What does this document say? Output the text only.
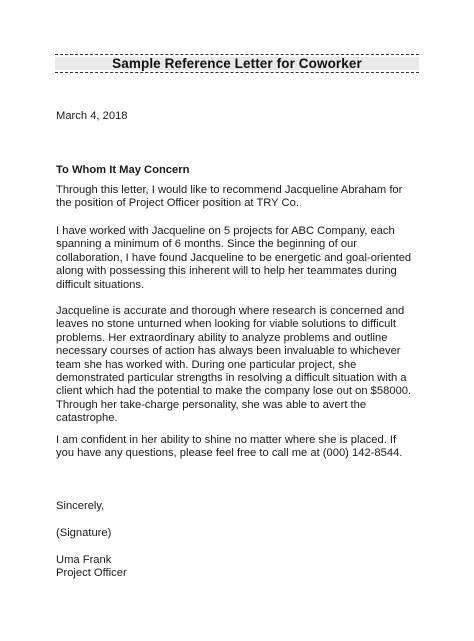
Sample Reference Letter for Coworker

March 4, 2018

To Whom It May Concern

Through this letter, I would like to recommend Jacqueline Abraham for
the position of Project Officer position at TRY Co.

I have worked with Jacqueline on 5 projects for ABC Company, each
spanning a minimum of 6 months. Since the beginning of our
collaboration, I have found Jacqueline to be energetic and goal-oriented
along with possessing this inherent will to help her teammates during
difficult situations.

Jacqueline is accurate and thorough where research is concerned and
leaves no stone unturned when looking for viable solutions to difficult
problems. Her extraordinary ability to analyze problems and outline
necessary courses of action has always been invaluable to whichever
team she has worked with. During one particular project, she
demonstrated particular strengths in resolving a difficult situation with a
client which had the potential to make the company lose out on $58000.
Through her take-charge personality, she was able to avert the
catastrophe.

I am confident in her ability to shine no matter where she is placed. If
you have any questions, please feel free to call me at (000) 142-8544.

Sincerely,

(Signature)

Uma Frank
Project Officer
